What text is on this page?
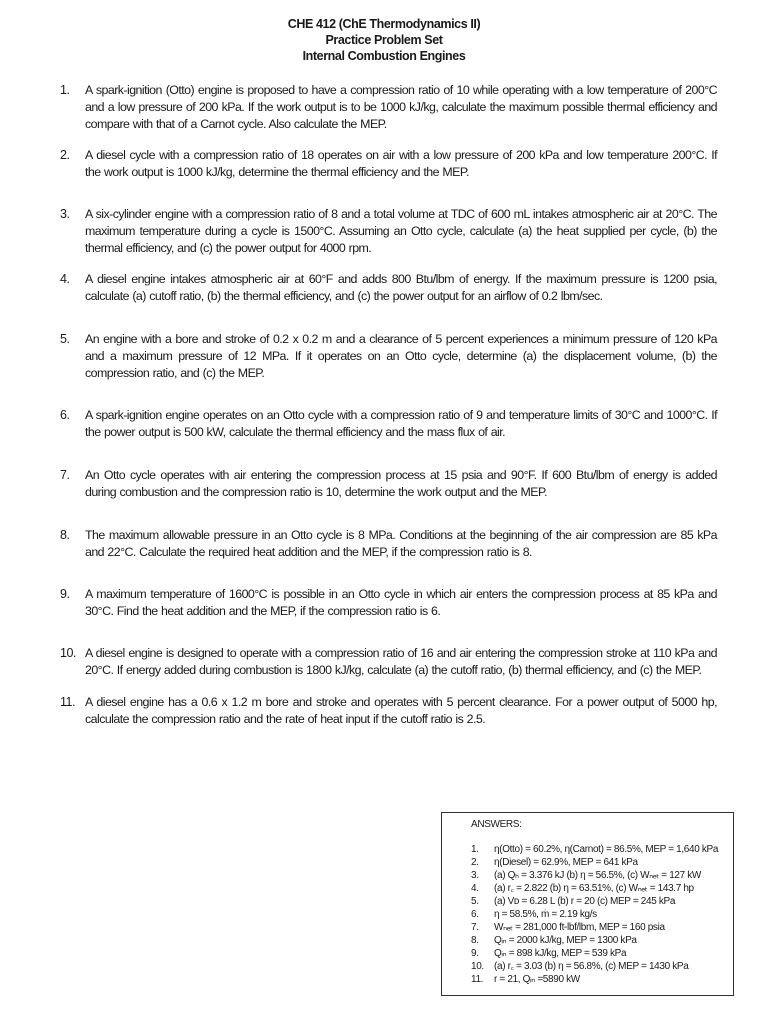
CHE 412 (ChE Thermodynamics II)
Practice Problem Set
Internal Combustion Engines
1.	A spark-ignition (Otto) engine is proposed to have a compression ratio of 10 while operating with a low temperature of 200°C and a low pressure of 200 kPa. If the work output is to be 1000 kJ/kg, calculate the maximum possible thermal efficiency and compare with that of a Carnot cycle. Also calculate the MEP.
2.	A diesel cycle with a compression ratio of 18 operates on air with a low pressure of 200 kPa and low temperature 200°C. If the work output is 1000 kJ/kg, determine the thermal efficiency and the MEP.
3.	A six-cylinder engine with a compression ratio of 8 and a total volume at TDC of 600 mL intakes atmospheric air at 20°C. The maximum temperature during a cycle is 1500°C. Assuming an Otto cycle, calculate (a) the heat supplied per cycle, (b) the thermal efficiency, and (c) the power output for 4000 rpm.
4.	A diesel engine intakes atmospheric air at 60°F and adds 800 Btu/lbm of energy. If the maximum pressure is 1200 psia, calculate (a) cutoff ratio, (b) the thermal efficiency, and (c) the power output for an airflow of 0.2 lbm/sec.
5.	An engine with a bore and stroke of 0.2 x 0.2 m and a clearance of 5 percent experiences a minimum pressure of 120 kPa and a maximum pressure of 12 MPa. If it operates on an Otto cycle, determine (a) the displacement volume, (b) the compression ratio, and (c) the MEP.
6.	A spark-ignition engine operates on an Otto cycle with a compression ratio of 9 and temperature limits of 30°C and 1000°C. If the power output is 500 kW, calculate the thermal efficiency and the mass flux of air.
7.	An Otto cycle operates with air entering the compression process at 15 psia and 90°F. If 600 Btu/lbm of energy is added during combustion and the compression ratio is 10, determine the work output and the MEP.
8.	The maximum allowable pressure in an Otto cycle is 8 MPa. Conditions at the beginning of the air compression are 85 kPa and 22°C. Calculate the required heat addition and the MEP, if the compression ratio is 8.
9.	A maximum temperature of 1600°C is possible in an Otto cycle in which air enters the compression process at 85 kPa and 30°C. Find the heat addition and the MEP, if the compression ratio is 6.
10. A diesel engine is designed to operate with a compression ratio of 16 and air entering the compression stroke at 110 kPa and 20°C. If energy added during combustion is 1800 kJ/kg, calculate (a) the cutoff ratio, (b) thermal efficiency, and (c) the MEP.
11. A diesel engine has a 0.6 x 1.2 m bore and stroke and operates with 5 percent clearance. For a power output of 5000 hp, calculate the compression ratio and the rate of heat input if the cutoff ratio is 2.5.
ANSWERS:
1.	η(Otto) = 60.2%, η(Carnot) = 86.5%, MEP = 1,640 kPa
2.	η(Diesel) = 62.9%, MEP = 641 kPa
3.	(a) Qₕ = 3.376 kJ (b) η = 56.5%, (c) Wₙₑₜ = 127 kW
4.	(a) r꜀ = 2.822 (b) η = 63.51%, (c) Wₙₑₜ = 143.7 hp
5.	(a) Vᴅ = 6.28 L (b) r = 20 (c) MEP = 245 kPa
6.	η = 58.5%, ṁ = 2.19 kg/s
7.	Wₙₑₜ = 281,000 ft-lbf/lbm, MEP = 160 psia
8.	Qᵢₙ = 2000 kJ/kg, MEP = 1300 kPa
9.	Qᵢₙ = 898 kJ/kg, MEP = 539 kPa
10.	(a) r꜀ = 3.03 (b) η = 56.8%, (c) MEP = 1430 kPa
11.	r = 21, Qᵢₙ =5890 kW
